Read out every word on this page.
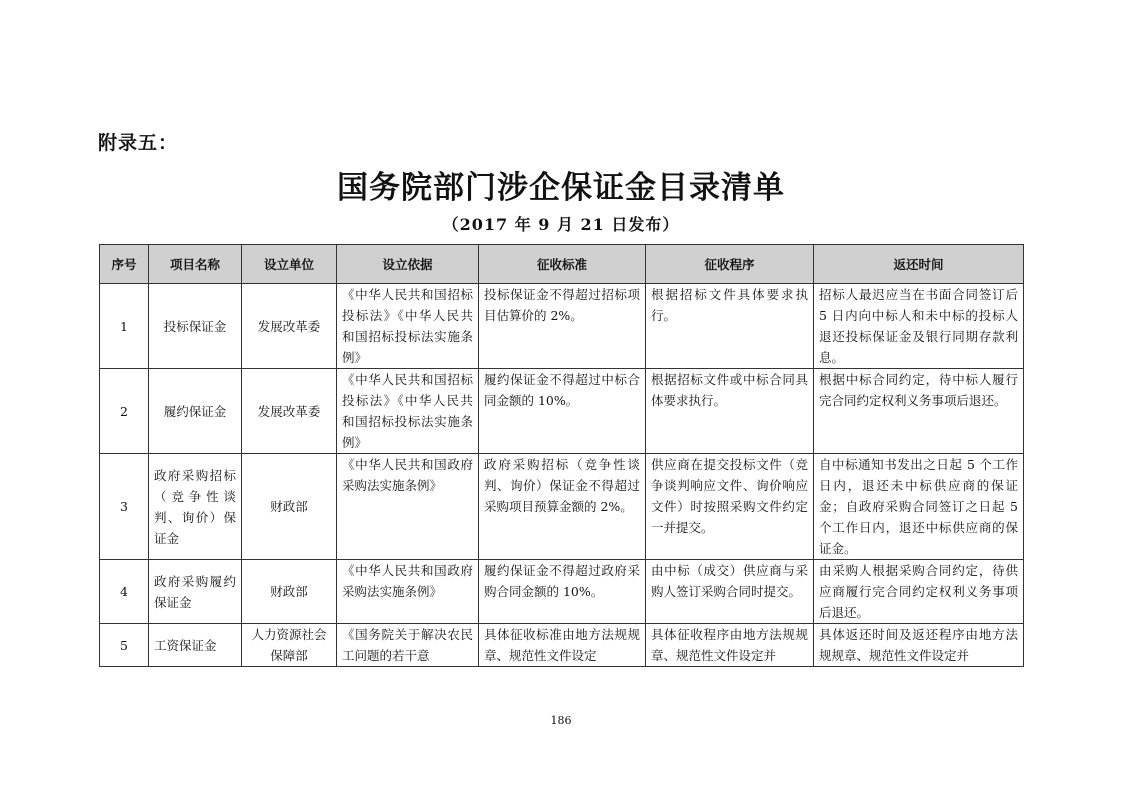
附录五：
国务院部门涉企保证金目录清单
（2017 年 9 月 21 日发布）
序号	项目名称	设立单位	设立依据	征收标准	征收程序	返还时间
1	投标保证金	发展改革委	《中华人民共和国招标投标法》《中华人民共和国招标投标法实施条例》	投标保证金不得超过招标项目估算价的 2%。	根据招标文件具体要求执行。	招标人最迟应当在书面合同签订后 5 日内向中标人和未中标的投标人退还投标保证金及银行同期存款利息。
2	履约保证金	发展改革委	《中华人民共和国招标投标法》《中华人民共和国招标投标法实施条例》	履约保证金不得超过中标合同金额的 10%。	根据招标文件或中标合同具体要求执行。	根据中标合同约定，待中标人履行完合同约定权利义务事项后退还。
3	政府采购招标（竞争性谈判、询价）保证金	财政部	《中华人民共和国政府采购法实施条例》	政府采购招标（竞争性谈判、询价）保证金不得超过采购项目预算金额的 2%。	供应商在提交投标文件（竞争谈判响应文件、询价响应文件）时按照采购文件约定一并提交。	自中标通知书发出之日起 5 个工作日内，退还未中标供应商的保证金；自政府采购合同签订之日起 5 个工作日内，退还中标供应商的保证金。
4	政府采购履约保证金	财政部	《中华人民共和国政府采购法实施条例》	履约保证金不得超过政府采购合同金额的 10%。	由中标（成交）供应商与采购人签订采购合同时提交。	由采购人根据采购合同约定，待供应商履行完合同约定权利义务事项后退还。
5	工资保证金	人力资源社会保障部	《国务院关于解决农民工问题的若干意	具体征收标准由地方法规规章、规范性文件设定	具体征收程序由地方法规规章、规范性文件设定并	具体返还时间及返还程序由地方法规规章、规范性文件设定并
186
